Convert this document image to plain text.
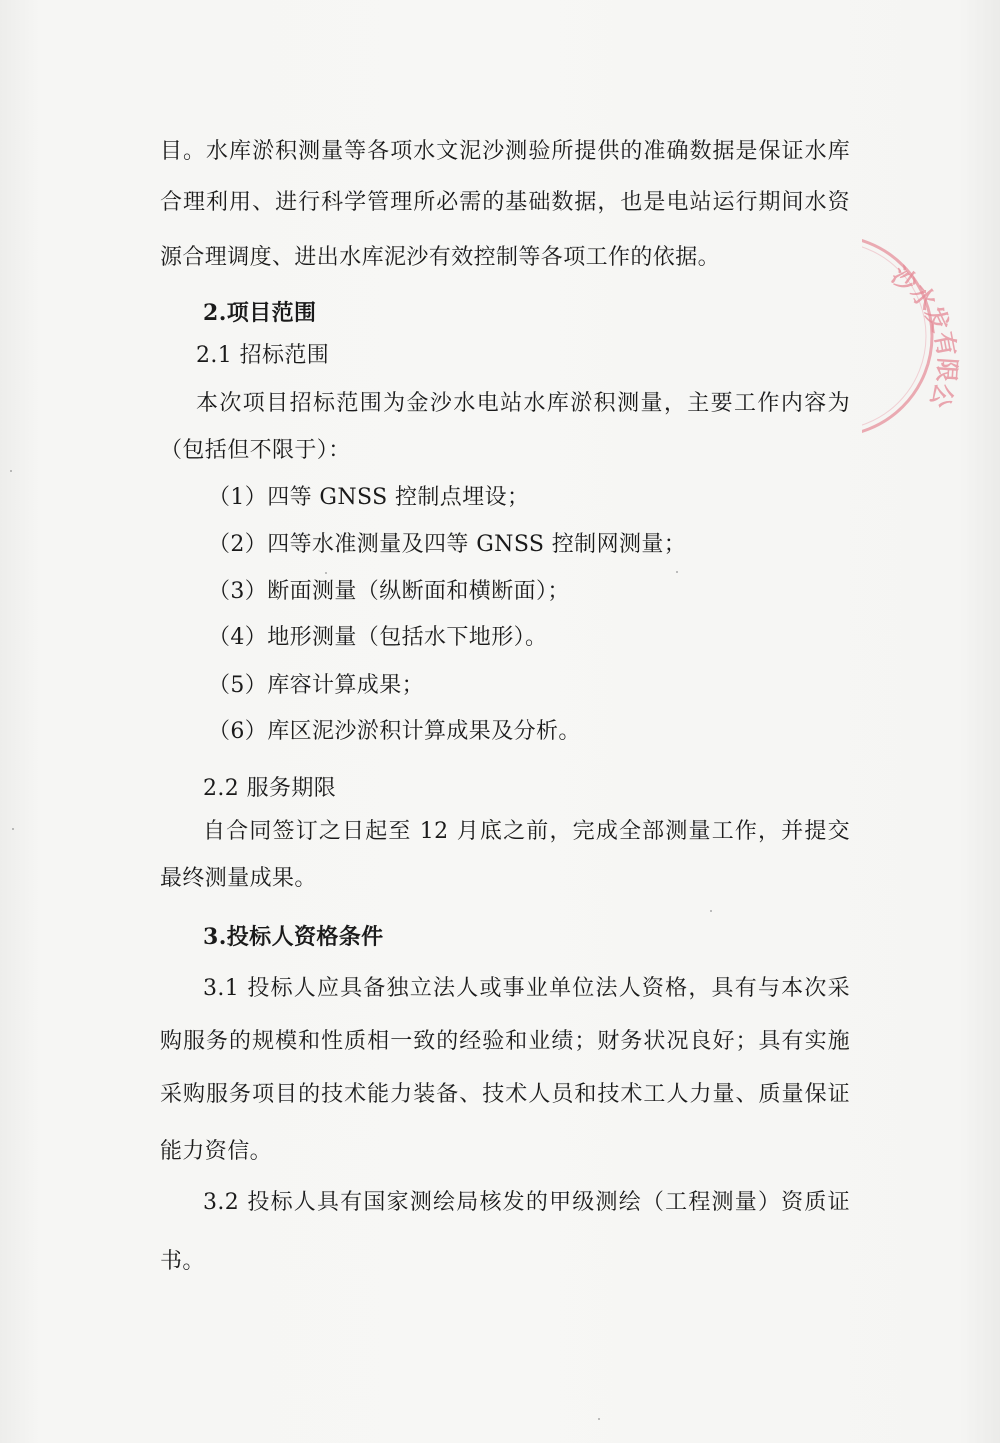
目。水库淤积测量等各项水文泥沙测验所提供的准确数据是保证水库
合理利用、进行科学管理所必需的基础数据，也是电站运行期间水资
源合理调度、进出水库泥沙有效控制等各项工作的依据。
2.项目范围
2.1 招标范围
本次项目招标范围为金沙水电站水库淤积测量，主要工作内容为
（包括但不限于）：
（1）四等 GNSS 控制点埋设；
（2）四等水准测量及四等 GNSS 控制网测量；
（3）断面测量（纵断面和横断面）；
（4）地形测量（包括水下地形）。
（5）库容计算成果；
（6）库区泥沙淤积计算成果及分析。
2.2 服务期限
自合同签订之日起至 12 月底之前，完成全部测量工作，并提交
最终测量成果。
3.投标人资格条件
3.1 投标人应具备独立法人或事业单位法人资格，具有与本次采
购服务的规模和性质相一致的经验和业绩；财务状况良好；具有实施
采购服务项目的技术能力装备、技术人员和技术工人力量、质量保证
能力资信。
3.2 投标人具有国家测绘局核发的甲级测绘（工程测量）资质证
书。
沙水发有限公
